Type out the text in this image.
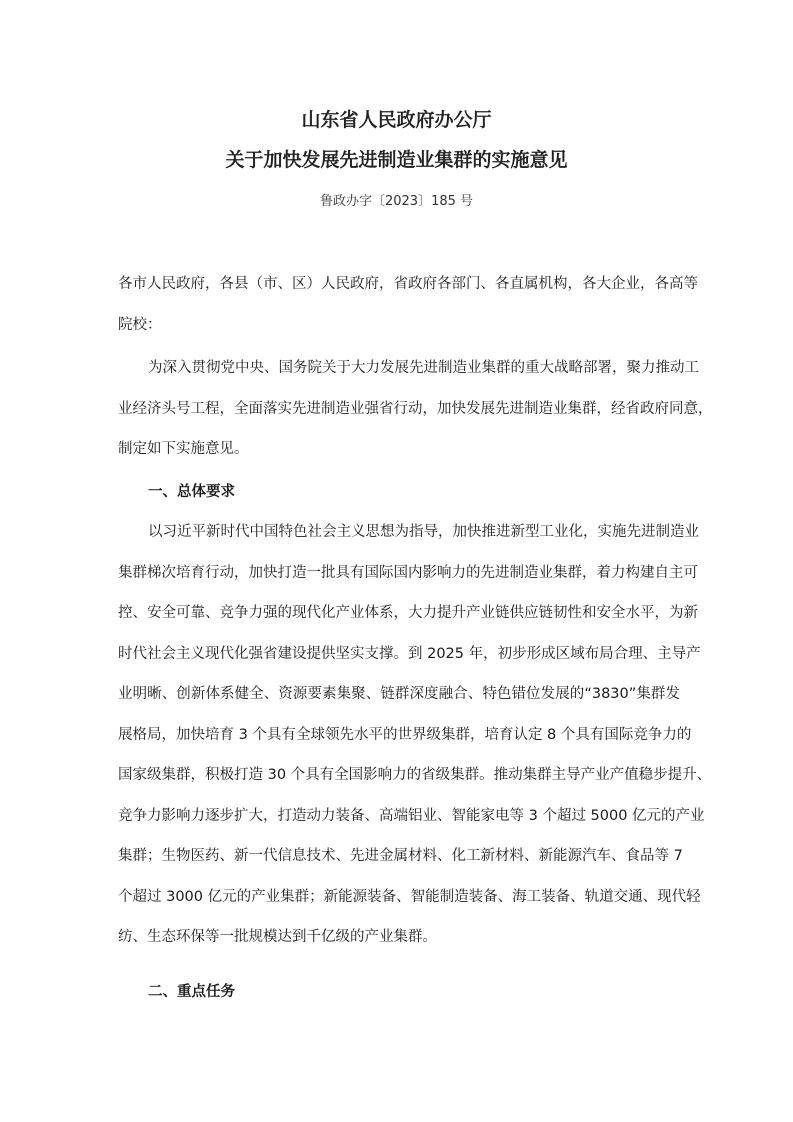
山东省人民政府办公厅
关于加快发展先进制造业集群的实施意见
鲁政办字〔2023〕185 号
各市人民政府，各县（市、区）人民政府，省政府各部门、各直属机构，各大企业，各高等
院校：
为深入贯彻党中央、国务院关于大力发展先进制造业集群的重大战略部署，聚力推动工
业经济头号工程，全面落实先进制造业强省行动，加快发展先进制造业集群，经省政府同意，
制定如下实施意见。
一、总体要求
以习近平新时代中国特色社会主义思想为指导，加快推进新型工业化，实施先进制造业
集群梯次培育行动，加快打造一批具有国际国内影响力的先进制造业集群，着力构建自主可
控、安全可靠、竞争力强的现代化产业体系，大力提升产业链供应链韧性和安全水平，为新
时代社会主义现代化强省建设提供坚实支撑。到 2025 年，初步形成区域布局合理、主导产
业明晰、创新体系健全、资源要素集聚、链群深度融合、特色错位发展的“3830”集群发
展格局，加快培育 3 个具有全球领先水平的世界级集群，培育认定 8 个具有国际竞争力的
国家级集群，积极打造 30 个具有全国影响力的省级集群。推动集群主导产业产值稳步提升、
竞争力影响力逐步扩大，打造动力装备、高端铝业、智能家电等 3 个超过 5000 亿元的产业
集群；生物医药、新一代信息技术、先进金属材料、化工新材料、新能源汽车、食品等 7
个超过 3000 亿元的产业集群；新能源装备、智能制造装备、海工装备、轨道交通、现代轻
纺、生态环保等一批规模达到千亿级的产业集群。
二、重点任务
